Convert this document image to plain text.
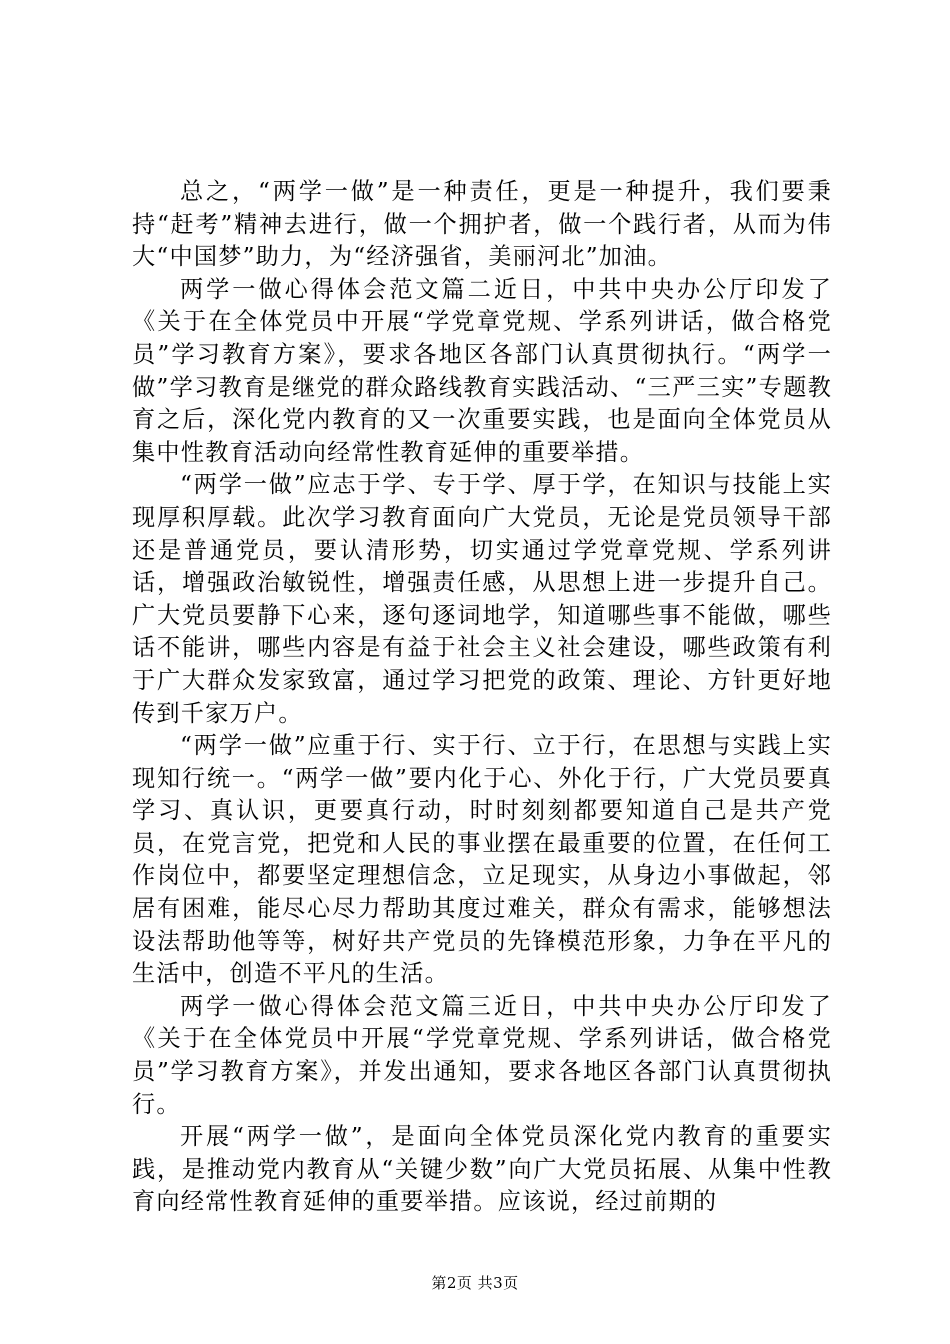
总之，“两学一做”是一种责任，更是一种提升，我们要秉持“赶考”精神去进行，做一个拥护者，做一个践行者，从而为伟大“中国梦”助力，为“经济强省，美丽河北”加油。

两学一做心得体会范文篇二近日，中共中央办公厅印发了《关于在全体党员中开展“学党章党规、学系列讲话，做合格党员”学习教育方案》，要求各地区各部门认真贯彻执行。“两学一做”学习教育是继党的群众路线教育实践活动、“三严三实”专题教育之后，深化党内教育的又一次重要实践，也是面向全体党员从集中性教育活动向经常性教育延伸的重要举措。

“两学一做”应志于学、专于学、厚于学，在知识与技能上实现厚积厚载。此次学习教育面向广大党员，无论是党员领导干部还是普通党员，要认清形势，切实通过学党章党规、学系列讲话，增强政治敏锐性，增强责任感，从思想上进一步提升自己。广大党员要静下心来，逐句逐词地学，知道哪些事不能做，哪些话不能讲，哪些内容是有益于社会主义社会建设，哪些政策有利于广大群众发家致富，通过学习把党的政策、理论、方针更好地传到千家万户。

“两学一做”应重于行、实于行、立于行，在思想与实践上实现知行统一。“两学一做”要内化于心、外化于行，广大党员要真学习、真认识，更要真行动，时时刻刻都要知道自己是共产党员，在党言党，把党和人民的事业摆在最重要的位置，在任何工作岗位中，都要坚定理想信念，立足现实，从身边小事做起，邻居有困难，能尽心尽力帮助其度过难关，群众有需求，能够想法设法帮助他等等，树好共产党员的先锋模范形象，力争在平凡的生活中，创造不平凡的生活。

两学一做心得体会范文篇三近日，中共中央办公厅印发了《关于在全体党员中开展“学党章党规、学系列讲话，做合格党员”学习教育方案》，并发出通知，要求各地区各部门认真贯彻执行。

开展“两学一做”，是面向全体党员深化党内教育的重要实践，是推动党内教育从“关键少数”向广大党员拓展、从集中性教育向经常性教育延伸的重要举措。应该说，经过前期的

第2页 共3页
